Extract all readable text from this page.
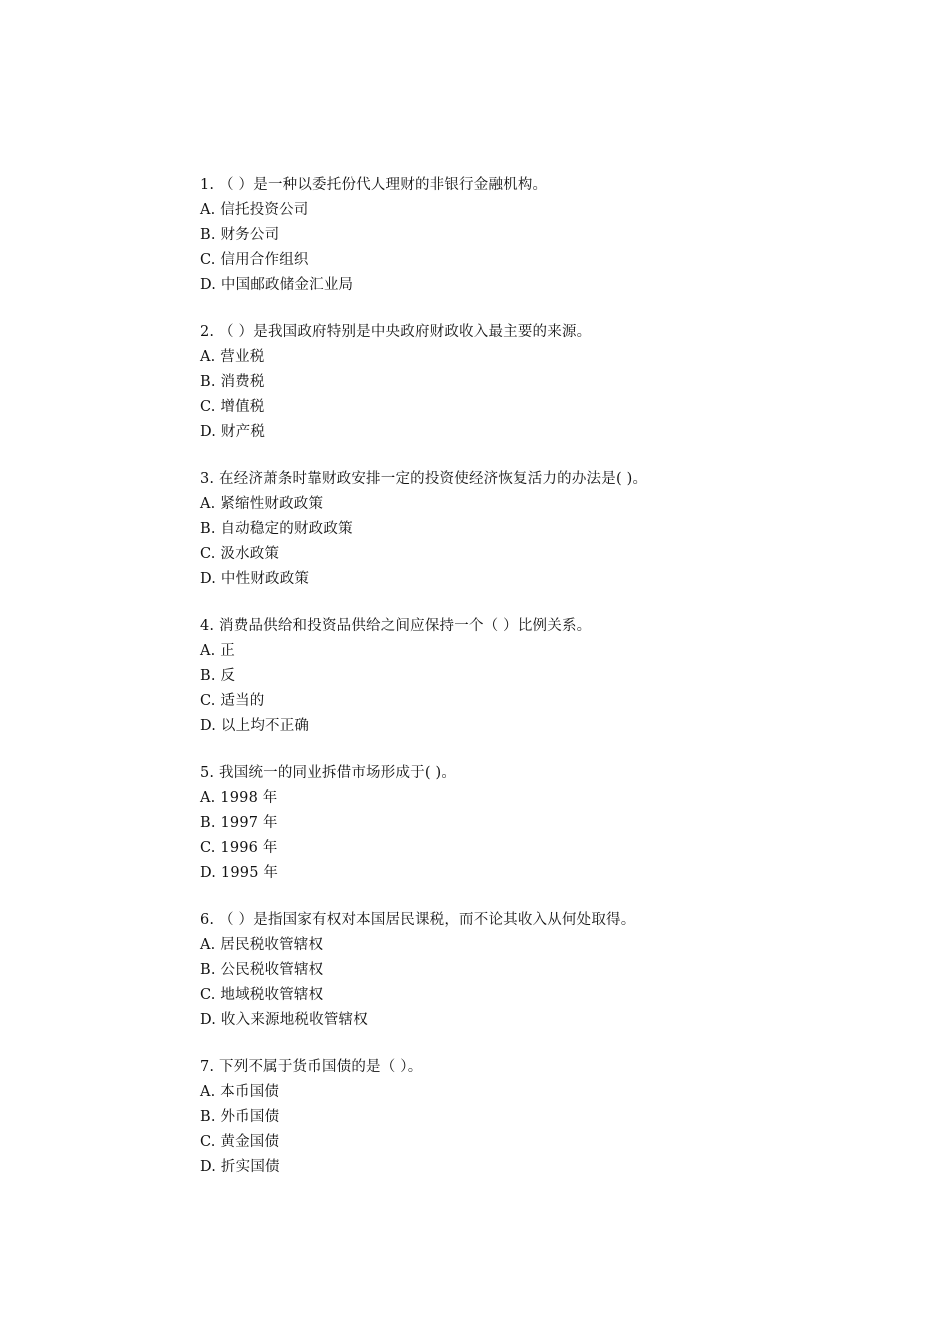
1. （ ）是一种以委托份代人理财的非银行金融机构。
A. 信托投资公司
B. 财务公司
C. 信用合作组织
D. 中国邮政储金汇业局
2. （ ）是我国政府特别是中央政府财政收入最主要的来源。
A. 营业税
B. 消费税
C. 增值税
D. 财产税
3. 在经济萧条时靠财政安排一定的投资使经济恢复活力的办法是( )。
A. 紧缩性财政政策
B. 自动稳定的财政政策
C. 汲水政策
D. 中性财政政策
4. 消费品供给和投资品供给之间应保持一个（ ）比例关系。
A. 正
B. 反
C. 适当的
D. 以上均不正确
5. 我国统一的同业拆借市场形成于( )。
A. 1998 年
B. 1997 年
C. 1996 年
D. 1995 年
6. （ ）是指国家有权对本国居民课税，而不论其收入从何处取得。
A. 居民税收管辖权
B. 公民税收管辖权
C. 地域税收管辖权
D. 收入来源地税收管辖权
7. 下列不属于货币国债的是（ ）。
A. 本币国债
B. 外币国债
C. 黄金国债
D. 折实国债
